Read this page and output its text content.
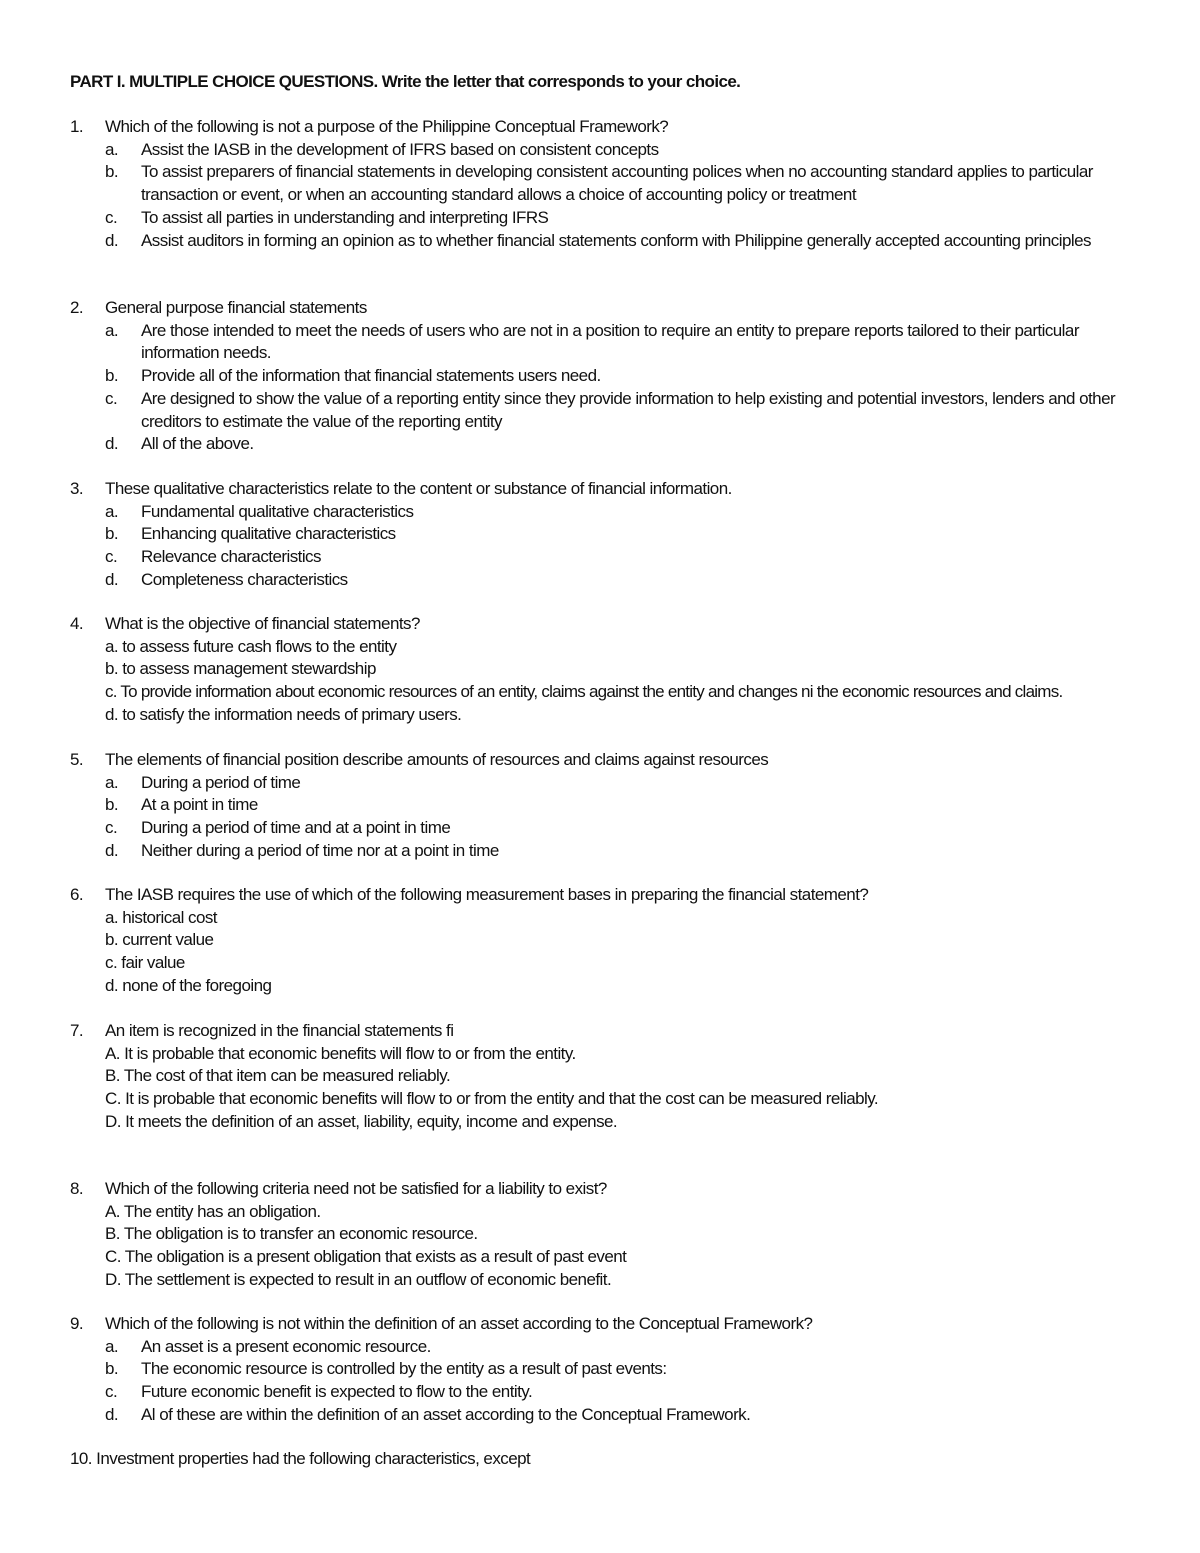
PART I. MULTIPLE CHOICE QUESTIONS. Write the letter that corresponds to your choice.
1. Which of the following is not a purpose of the Philippine Conceptual Framework?
a. Assist the IASB in the development of IFRS based on consistent concepts
b. To assist preparers of financial statements in developing consistent accounting polices when no accounting standard applies to particular transaction or event, or when an accounting standard allows a choice of accounting policy or treatment
c. To assist all parties in understanding and interpreting IFRS
d. Assist auditors in forming an opinion as to whether financial statements conform with Philippine generally accepted accounting principles
2. General purpose financial statements
a. Are those intended to meet the needs of users who are not in a position to require an entity to prepare reports tailored to their particular information needs.
b. Provide all of the information that financial statements users need.
c. Are designed to show the value of a reporting entity since they provide information to help existing and potential investors, lenders and other creditors to estimate the value of the reporting entity
d. All of the above.
3. These qualitative characteristics relate to the content or substance of financial information.
a. Fundamental qualitative characteristics
b. Enhancing qualitative characteristics
c. Relevance characteristics
d. Completeness characteristics
4. What is the objective of financial statements?
a. to assess future cash flows to the entity
b. to assess management stewardship
c. To provide information about economic resources of an entity, claims against the entity and changes ni the economic resources and claims.
d. to satisfy the information needs of primary users.
5. The elements of financial position describe amounts of resources and claims against resources
a. During a period of time
b. At a point in time
c. During a period of time and at a point in time
d. Neither during a period of time nor at a point in time
6. The IASB requires the use of which of the following measurement bases in preparing the financial statement?
a. historical cost
b. current value
c. fair value
d. none of the foregoing
7. An item is recognized in the financial statements fi
A. It is probable that economic benefits will flow to or from the entity.
B. The cost of that item can be measured reliably.
C. It is probable that economic benefits will flow to or from the entity and that the cost can be measured reliably.
D. It meets the definition of an asset, liability, equity, income and expense.
8. Which of the following criteria need not be satisfied for a liability to exist?
A. The entity has an obligation.
B. The obligation is to transfer an economic resource.
C. The obligation is a present obligation that exists as a result of past event
D. The settlement is expected to result in an outflow of economic benefit.
9. Which of the following is not within the definition of an asset according to the Conceptual Framework?
a. An asset is a present economic resource.
b. The economic resource is controlled by the entity as a result of past events:
c. Future economic benefit is expected to flow to the entity.
d. Al of these are within the definition of an asset according to the Conceptual Framework.
10. Investment properties had the following characteristics, except
